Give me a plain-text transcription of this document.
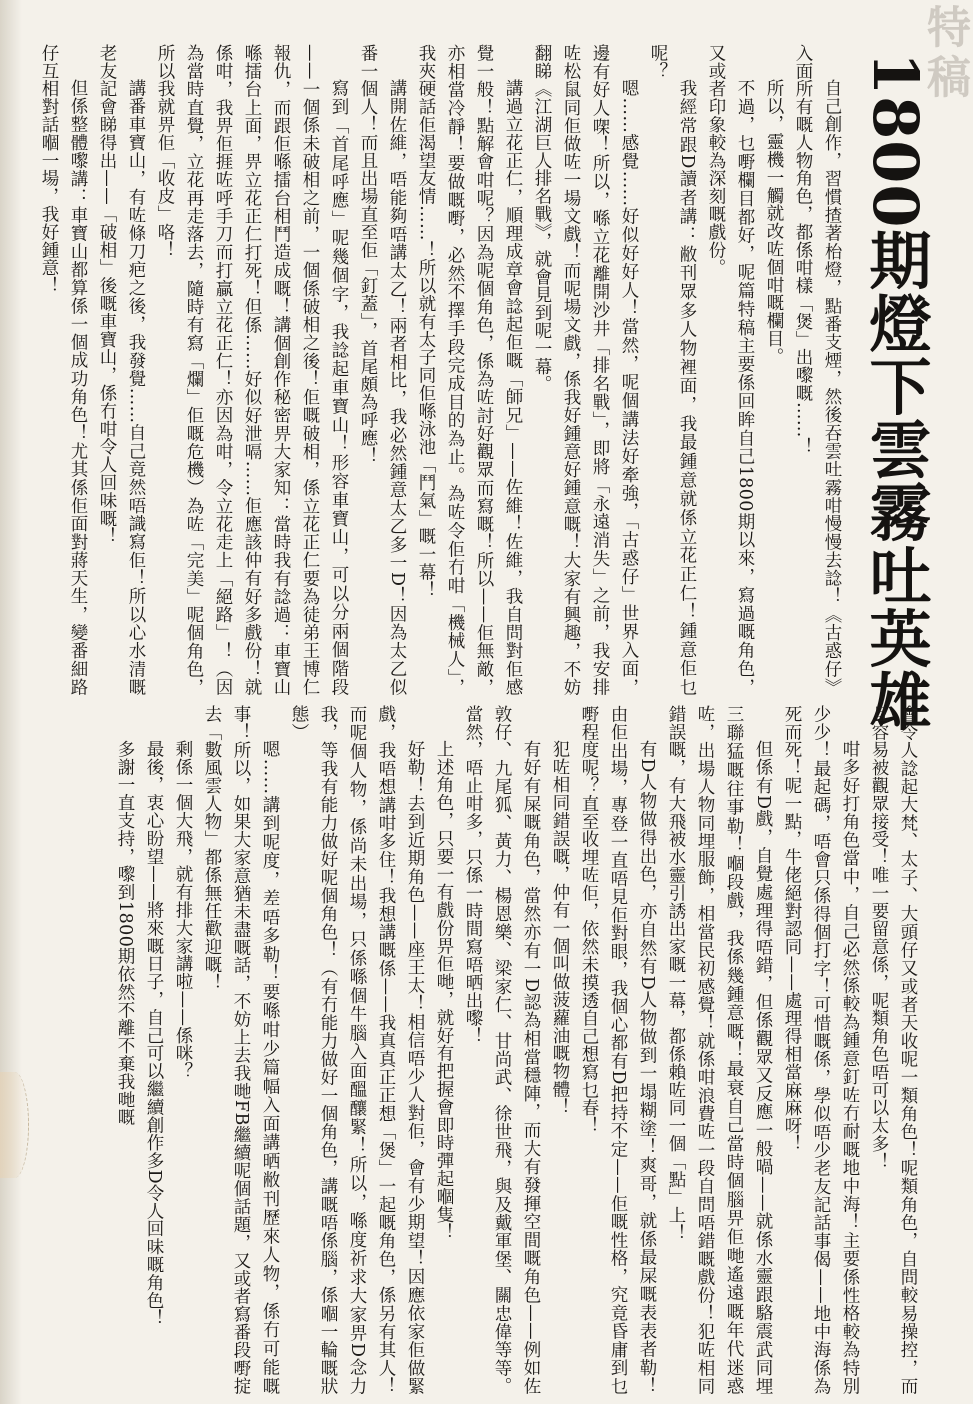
特稿
1800期燈下雲霧吐英雄

自己創作，習慣揸著枱燈，點番支煙，然後吞雲吐霧咁慢慢去諗！《古惑仔》入面所有嘅人物角色，都係咁樣「煲」出嚟嘅……！

所以，靈機一觸就改咗個咁嘅欄目。

不過，乜嘢欄目都好，呢篇特稿主要係回眸自己1800期以來，寫過嘅角色，又或者印象較為深刻嘅戲份。

我經常跟D讀者講：敝刊眾多人物裡面，我最鍾意就係立花正仁！鍾意佢乜呢？

嗯……感覺……好似好好人！當然，呢個講法好牽強，「古惑仔」世界入面，邊有好人㗎！所以，喺立花離開沙井「排名戰」，即將「永遠消失」之前，我安排咗松鼠同佢做咗一場文戲！而呢場文戲，係我好鍾意好鍾意嘅！大家有興趣，不妨翻睇《江湖巨人排名戰》，就會見到呢一幕。

講過立花正仁，順理成章會諗起佢嘅「師兄」——佐維！佐維，我自問對佢感覺一般！點解會咁呢？因為呢個角色，係為咗討好觀眾而寫嘅！所以——佢無敵，亦相當冷靜！要做嘅嘢，必然不擇手段完成目的為止。為咗令佢冇咁「機械人」，我夾硬話佢渴望友情……！所以就有太子同佢喺泳池「鬥氣」嘅一幕！

講開佐維，唔能夠唔講太乙！兩者相比，我必然鍾意太乙多一D！因為太乙似番一個人！而且出場直至佢「釘蓋」，首尾頗為呼應！

寫到「首尾呼應」呢幾個字，我諗起車寶山！形容車寶山，可以分兩個階段——一個係未破相之前，一個係破相之後！佢嘅破相，係立花正仁要為徒弟王博仁報仇，而跟佢喺擂台相鬥造成嘅！講個創作秘密畀大家知：當時我有諗過：車寶山喺擂台上面，畀立花正仁打死！但係……好似好泄嗝……佢應該仲有好多戲份！就係咁，我畀佢捱咗呼手刀而打贏立花正仁！亦因為咁，令立花走上「絕路」！（因為當時直覺，立花再走落去，隨時有寫「爛」佢嘅危機）為咗「完美」呢個角色，所以我就畀佢「收皮」咯！

講番車寶山，有咗條刀疤之後，我發覺……自己竟然唔識寫佢！所以心水清嘅老友記會睇得出——「破相」後嘅車寶山，係冇咁令人回味嘅！

但係整體嚟講：車寶山都算係一個成功角色！尤其係佢面對蔣天生，變番細路仔互相對話嗰一場，我好鍾意！

會令人諗起大梵、太子、大頭仔又或者天收呢一類角色！呢類角色，自問較易操控，而且容易被觀眾接受！唯一要留意係，呢類角色唔可以太多！

咁多好打角色當中，自己必然係較為鍾意釘咗冇耐嘅地中海！主要係性格較為特別少少！最起碼，唔會只係得個打字！可惜嘅係，學似唔少老友記話事偈——地中海係為死而死！呢一點，牛佬絕對認同——處理得相當麻麻呀！

但係有D戲，自覺處理得唔錯，但係觀眾又反應一般喎——就係水靈跟駱震武同埋三聯猛嘅往事勒！嗰段戲，我係幾鍾意嘅！最衰自己當時個腦畀佢哋遙遠嘅年代迷惑咗，出場人物同埋服飾，相當民初感覺！就係咁浪費咗一段自問唔錯嘅戲份！犯咗相同錯誤嘅，有大飛被水靈引誘出家嘅一幕，都係賴咗同一個「點」上！

有D人物做得出色，亦自然有D人物做到一塌糊塗！爽哥，就係最屎嘅表表者勒！由佢出場，專登一直唔見佢對眼，我個心都有D把持不定——佢嘅性格，究竟昏庸到乜嘢程度呢？直至收埋咗佢，依然未摸透自己想寫乜春！

犯咗相同錯誤嘅，仲有一個叫做菠蘿油嘅物體！

有好有屎嘅角色，當然亦有一D認為相當穩陣，而大有發揮空間嘅角色——例如佐敦仔、九尾狐、黃力、楊恩樂、梁家仁、甘尚武、徐世飛，與及戴軍堡、關忠偉等等。當然，唔止咁多，只係一時間寫唔晒出嚟！

上述角色，只要一有戲份畀佢哋，就好有把握會即時彈起嗰隻！

好勒！去到近期角色——座王太！相信唔少人對佢，會有少期望！因應依家佢做緊戲，我唔想講咁多住！我想講嘅係——我真真正正想「煲」一起嘅角色，係另有其人！而呢個人物，係尚未出場，只係喺個牛腦入面醞釀緊！所以，喺度祈求大家畀D念力我，等我有能力做好呢個角色！（有冇能力做好一個角色，講嘅唔係腦，係嗰一輪嘅狀態）

嗯……講到呢度，差唔多勒！要喺咁少篇幅入面講晒敝刊歷來人物，係冇可能嘅事！所以，如果大家意猶未盡嘅話，不妨上去我哋FB繼續呢個話題，又或者寫番段嘢掟去「數風雲人物」都係無任歡迎嘅！

剩係一個大飛，就有排大家講啦——係咪？

最後，衷心盼望——將來嘅日子，自己可以繼續創作多D令人回味嘅角色！

多謝一直支持，嚟到1800期依然不離不棄我哋嘅
